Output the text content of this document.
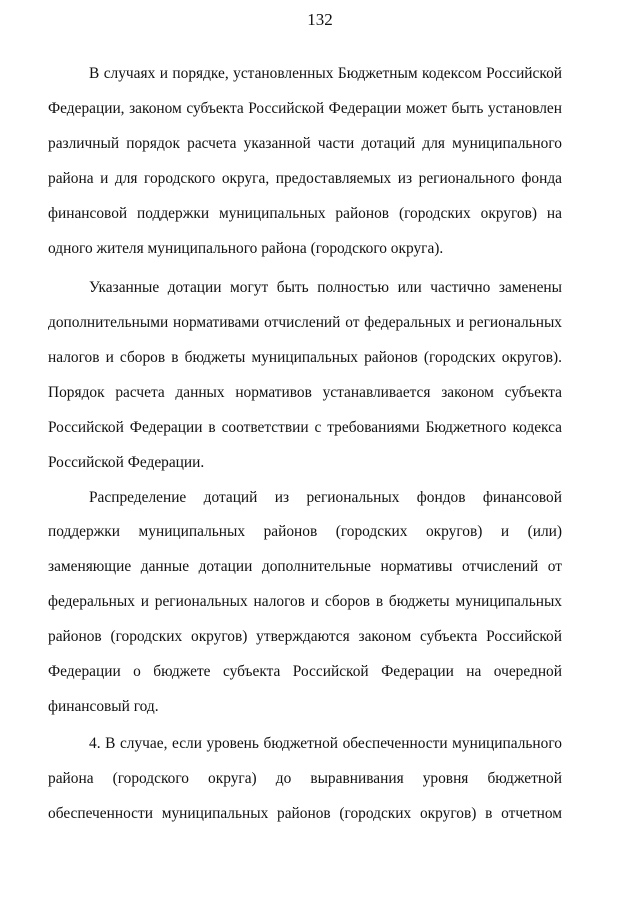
132
В случаях и порядке, установленных Бюджетным кодексом Российской
Федерации, законом субъекта Российской Федерации может быть установлен
различный порядок расчета указанной части дотаций для муниципального
района и для городского округа, предоставляемых из регионального фонда
финансовой поддержки муниципальных районов (городских округов) на
одного жителя муниципального района (городского округа).
Указанные дотации могут быть полностью или частично заменены
дополнительными нормативами отчислений от федеральных и региональных
налогов и сборов в бюджеты муниципальных районов (городских округов).
Порядок расчета данных нормативов устанавливается законом субъекта
Российской Федерации в соответствии с требованиями Бюджетного кодекса
Российской Федерации.
Распределение дотаций из региональных фондов финансовой
поддержки муниципальных районов (городских округов) и (или)
заменяющие данные дотации дополнительные нормативы отчислений от
федеральных и региональных налогов и сборов в бюджеты муниципальных
районов (городских округов) утверждаются законом субъекта Российской
Федерации о бюджете субъекта Российской Федерации на очередной
финансовый год.
4. В случае, если уровень бюджетной обеспеченности муниципального
района (городского округа) до выравнивания уровня бюджетной
обеспеченности муниципальных районов (городских округов) в отчетном
